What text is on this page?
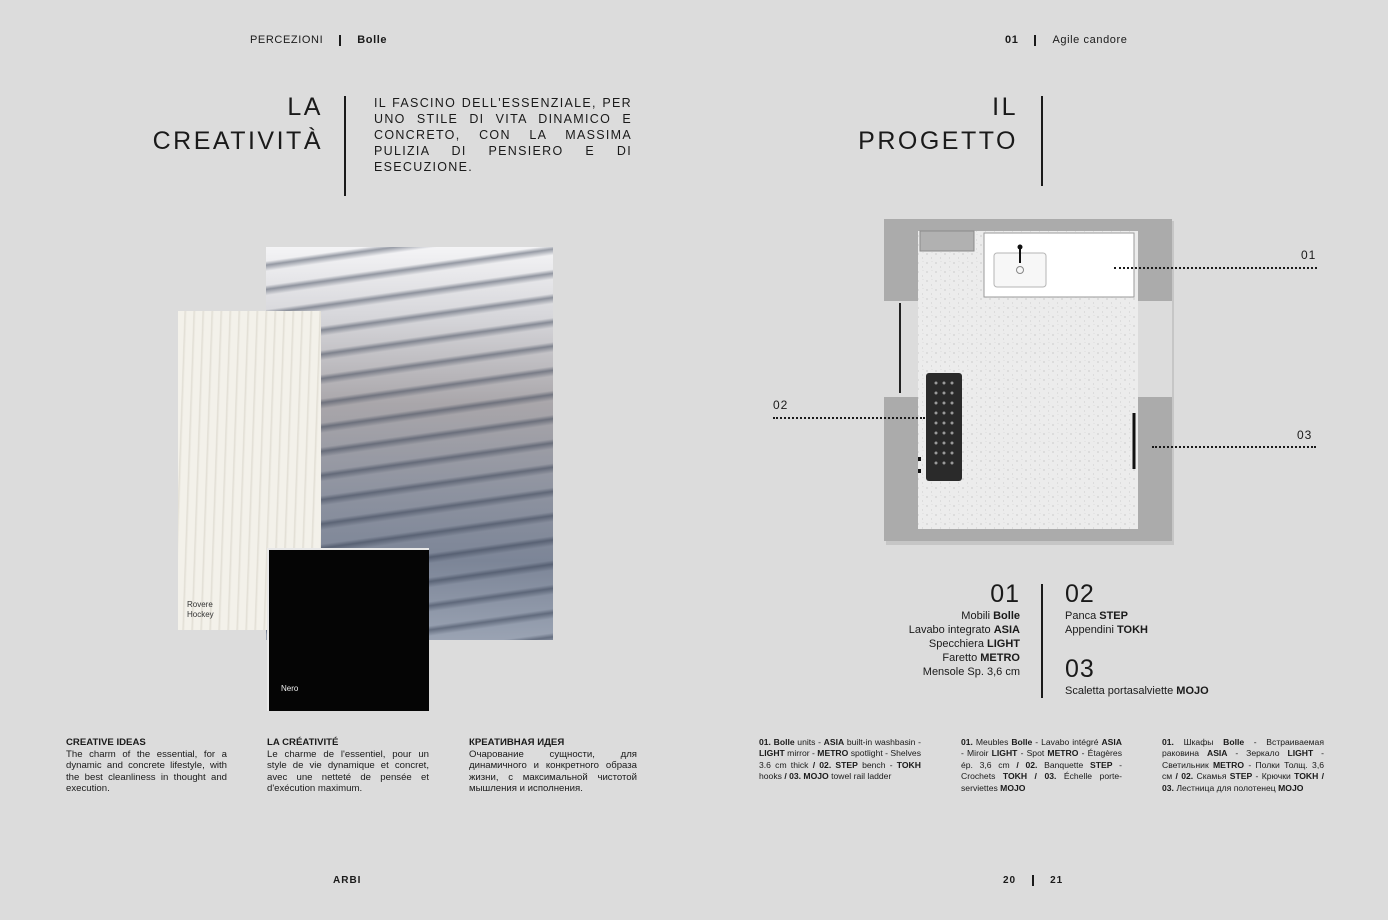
PERCEZIONI	Bolle
LA
CREATIVITÀ
IL FASCINO DELL'ESSENZIALE, PER UNO STILE DI VITA DINAMICO E CONCRETO, CON LA MASSIMA PULIZIA DI PENSIERO E DI ESECUZIONE.
Rovere
Hockey
Nero
CREATIVE IDEAS
The charm of the essential, for a dynamic and concrete lifestyle, with the best cleanliness in thought and execution.
LA CRÉATIVITÉ
Le charme de l'essentiel, pour un style de vie dynamique et concret, avec une netteté de pensée et d'exécution maximum.
КРЕАТИВНАЯ ИДЕЯ
Очарование сущности, для динамичного и конкретного образа жизни, с максимальной чистотой мышления и исполнения.
ARBI
01	Agile candore
IL
PROGETTO
01
02
03
01
Mobili Bolle
Lavabo integrato ASIA
Specchiera LIGHT
Faretto METRO
Mensole Sp. 3,6 cm
02
Panca STEP
Appendini TOKH
03
Scaletta portasalviette MOJO
01. Bolle units - ASIA built-in washbasin - LIGHT mirror - METRO spotlight - Shelves 3.6 cm thick / 02. STEP bench - TOKH hooks / 03. MOJO towel rail ladder
01. Meubles Bolle - Lavabo intégré ASIA - Miroir LIGHT - Spot METRO - Étagères ép. 3,6 cm / 02. Banquette STEP - Crochets TOKH / 03. Échelle porte-serviettes MOJO
01. Шкафы Bolle - Встраиваемая раковина ASIA - Зеркало LIGHT - Светильник METRO - Полки Толщ. 3,6 см / 02. Скамья STEP - Крючки TOKH / 03. Лестница для полотенец MOJO
20	21
